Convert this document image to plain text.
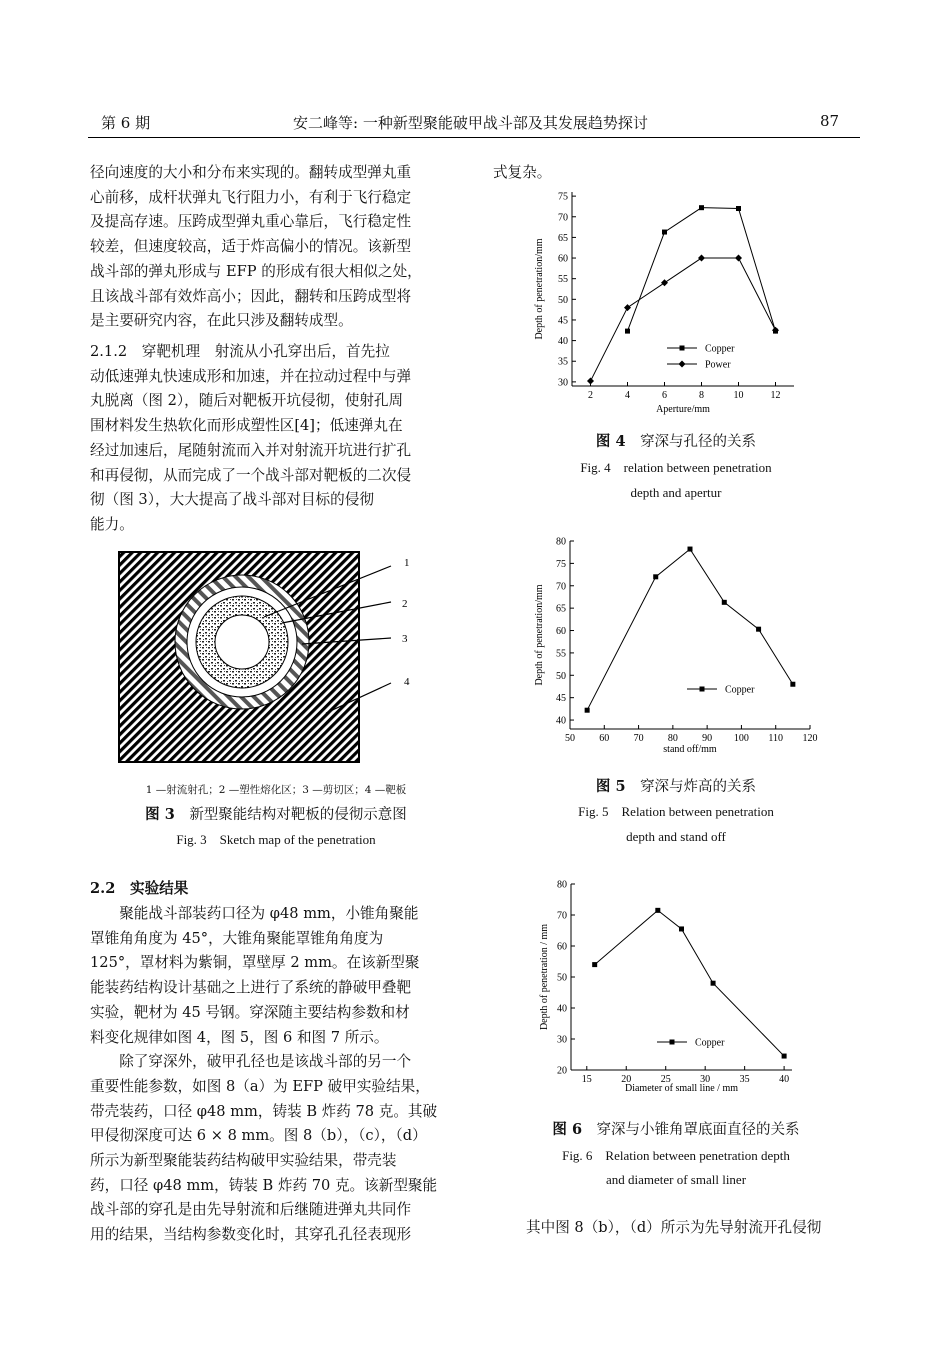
第 6 期	安二峰等: 一种新型聚能破甲战斗部及其发展趋势探讨	87
径向速度的大小和分布来实现的。翻转成型弹丸重
心前移，成杆状弹丸飞行阻力小，有利于飞行稳定
及提高存速。压跨成型弹丸重心靠后，飞行稳定性
较差，但速度较高，适于炸高偏小的情况。该新型
战斗部的弹丸形成与 EFP 的形成有很大相似之处，
且该战斗部有效炸高小；因此，翻转和压跨成型将
是主要研究内容，在此只涉及翻转成型。
2.1.2　穿靶机理　射流从小孔穿出后，首先拉
动低速弹丸快速成形和加速，并在拉动过程中与弹
丸脱离（图 2），随后对靶板开坑侵彻，使射孔周
围材料发生热软化而形成塑性区[4]；低速弹丸在
经过加速后，尾随射流而入并对射流开坑进行扩孔
和再侵彻，从而完成了一个战斗部对靶板的二次侵
彻（图 3），大大提高了战斗部对目标的侵彻
能力。
1
2
3
4
1 —射流射孔；2 —塑性熔化区；3 —剪切区；4 —靶板
图 3　 新型聚能结构对靶板的侵彻示意图
Fig. 3　Sketch map of the penetration
2.2　实验结果
　　聚能战斗部装药口径为 φ48 mm，小锥角聚能
罩锥角角度为 45°，大锥角聚能罩锥角角度为
125°，罩材料为紫铜，罩壁厚 2 mm。在该新型聚
能装药结构设计基础之上进行了系统的静破甲叠靶
实验，靶材为 45 号钢。穿深随主要结构参数和材
料变化规律如图 4，图 5，图 6 和图 7 所示。
　　除了穿深外，破甲孔径也是该战斗部的另一个
重要性能参数，如图 8（a）为 EFP 破甲实验结果，
带壳装药，口径 φ48 mm，铸装 B 炸药 78 克。其破
甲侵彻深度可达 6 × 8 mm。图 8（b），（c），（d）
所示为新型聚能装药结构破甲实验结果，带壳装
药，口径 φ48 mm，铸装 B 炸药 70 克。该新型聚能
战斗部的穿孔是由先导射流和后继随进弹丸共同作
用的结果，当结构参数变化时，其穿孔孔径表现形
式复杂。
30
35
40
45
50
55
60
65
70
75
2	4	6	8	10	12
Aperture/mm
Depth of penetration/mm
Copper
Power
图 4　 穿深与孔径的关系
Fig. 4　relation between penetration
depth and apertur
40
45
50
55
60
65
70
75
80
50 60 70 80 90 100 110 120
stand off/mm
Depth of penetration/mm
Copper
图 5　 穿深与炸高的关系
Fig. 5　Relation between penetration
depth and stand off
20
30
40
50
60
70
80
15	20	25	30	35	40
Diameter of small line / mm
Depth of penetration / mm
Copper
图 6　 穿深与小锥角罩底面直径的关系
Fig. 6　Relation between penetration depth
and diameter of small liner
其中图 8（b），（d）所示为先导射流开孔侵彻
